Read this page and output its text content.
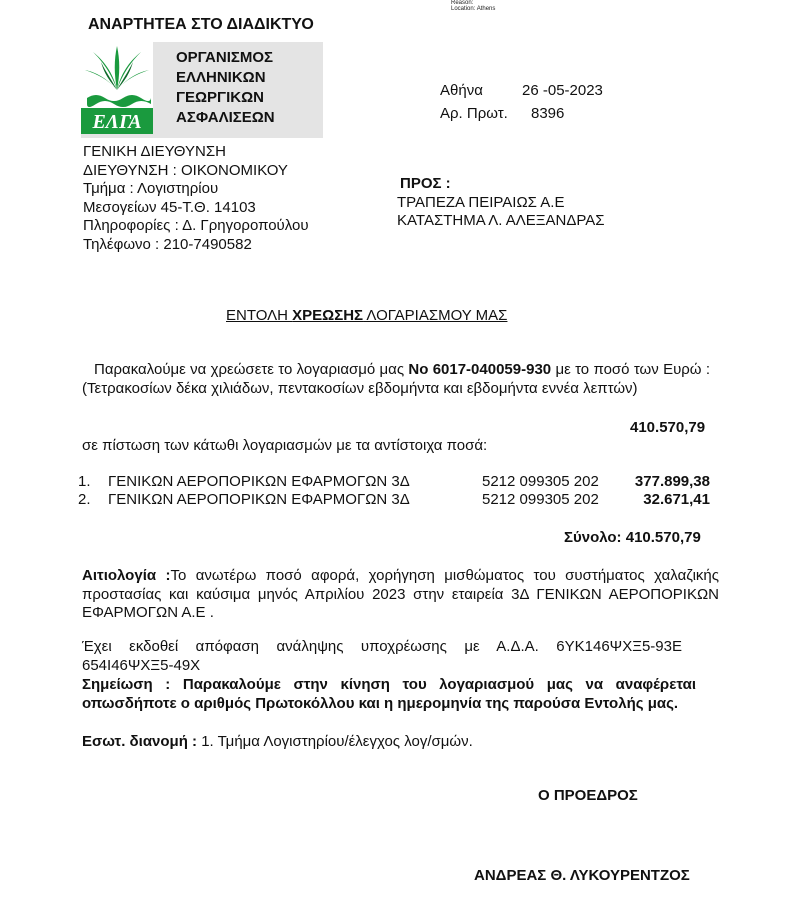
Reason:
Location: Athens
ΑΝΑΡΤΗΤΕΑ ΣΤΟ ΔΙΑΔΙΚΤΥΟ
ΕΛΓΑ
ΟΡΓΑΝΙΣΜΟΣ
ΕΛΛΗΝΙΚΩΝ
ΓΕΩΡΓΙΚΩΝ
ΑΣΦΑΛΙΣΕΩΝ
Αθήνα	26 -05-2023
Αρ. Πρωτ. 8396
ΓΕΝΙΚΗ ΔΙΕΥΘΥΝΣΗ
ΔΙΕΥΘΥΝΣΗ : ΟΙΚΟΝΟΜΙΚΟΥ
Τμήμα : Λογιστηρίου
Μεσογείων 45-Τ.Θ. 14103
Πληροφορίες : Δ. Γρηγοροπούλου
Τηλέφωνο : 210-7490582
ΠΡΟΣ :
ΤΡΑΠΕΖΑ ΠΕΙΡΑΙΩΣ Α.Ε
ΚΑΤΑΣΤΗΜΑ Λ. ΑΛΕΞΑΝΔΡΑΣ
ΕΝΤΟΛΗ ΧΡΕΩΣΗΣ ΛΟΓΑΡΙΑΣΜΟΥ ΜΑΣ
Παρακαλούμε να χρεώσετε το λογαριασμό μας Νο 6017-040059-930 με το ποσό των Ευρώ : (Τετρακοσίων δέκα χιλιάδων, πεντακοσίων εβδομήντα και εβδομήντα εννέα λεπτών)
410.570,79
σε πίστωση των κάτωθι λογαριασμών με τα αντίστοιχα ποσά:
1. ΓΕΝΙΚΩΝ ΑΕΡΟΠΟΡΙΚΩΝ ΕΦΑΡΜΟΓΩΝ 3Δ	5212 099305 202 377.899,38
2. ΓΕΝΙΚΩΝ ΑΕΡΟΠΟΡΙΚΩΝ ΕΦΑΡΜΟΓΩΝ 3Δ	5212 099305 202	32.671,41
Σύνολο: 410.570,79
Αιτιολογία :Το ανωτέρω ποσό αφορά, χορήγηση μισθώματος του συστήματος χαλαζικής προστασίας και καύσιμα μηνός Απριλίου 2023 στην εταιρεία 3Δ ΓΕΝΙΚΩΝ ΑΕΡΟΠΟΡΙΚΩΝ ΕΦΑΡΜΟΓΩΝ Α.Ε .
Έχει εκδοθεί απόφαση ανάληψης υποχρέωσης με Α.Δ.Α. 6ΥΚ146ΨΧΞ5-93Ε 654Ι46ΨΧΞ5-49Χ
Σημείωση : Παρακαλούμε στην κίνηση του λογαριασμού μας να αναφέρεται οπωσδήποτε ο αριθμός Πρωτοκόλλου και η ημερομηνία της παρούσα Εντολής μας.
Εσωτ. διανομή : 1. Τμήμα Λογιστηρίου/έλεγχος λογ/σμών.
Ο ΠΡΟΕΔΡΟΣ
ΑΝΔΡΕΑΣ Θ. ΛΥΚΟΥΡΕΝΤΖΟΣ
